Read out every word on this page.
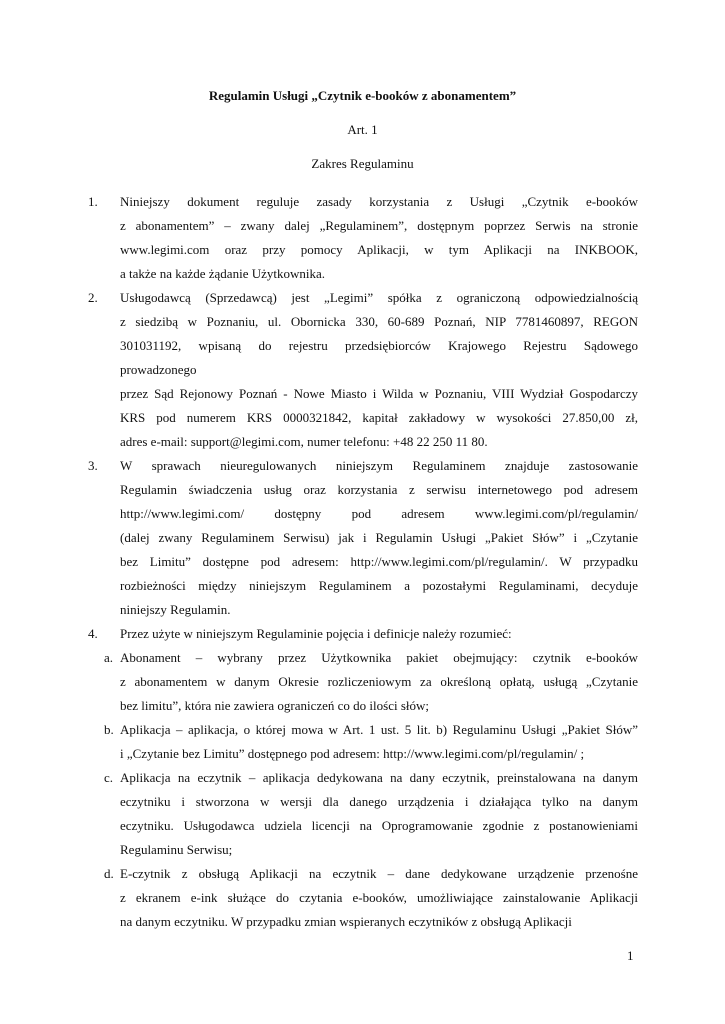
Regulamin Usługi „Czytnik e-booków z abonamentem”
Art. 1
Zakres Regulaminu
1.	Niniejszy dokument reguluje zasady korzystania z Usługi „Czytnik e-booków
z abonamentem” – zwany dalej „Regulaminem”, dostępnym poprzez Serwis na stronie
www.legimi.com oraz przy pomocy Aplikacji, w tym Aplikacji na INKBOOK,
a także na każde żądanie Użytkownika.
2.	Usługodawcą (Sprzedawcą) jest „Legimi” spółka z ograniczoną odpowiedzialnością
z siedzibą w Poznaniu, ul. Obornicka 330, 60-689 Poznań, NIP 7781460897, REGON
301031192, wpisaną do rejestru przedsiębiorców Krajowego Rejestru Sądowego
prowadzonego
przez Sąd Rejonowy Poznań - Nowe Miasto i Wilda w Poznaniu, VIII Wydział Gospodarczy
KRS pod numerem KRS 0000321842, kapitał zakładowy w wysokości 27.850,00 zł,
adres e-mail: support@legimi.com, numer telefonu: +48 22 250 11 80.
3.	W sprawach nieuregulowanych niniejszym Regulaminem znajduje zastosowanie
Regulamin świadczenia usług oraz korzystania z serwisu internetowego pod adresem
http://www.legimi.com/ dostępny pod adresem www.legimi.com/pl/regulamin/
(dalej zwany Regulaminem Serwisu) jak i Regulamin Usługi „Pakiet Słów” i „Czytanie
bez Limitu” dostępne pod adresem: http://www.legimi.com/pl/regulamin/. W przypadku
rozbieżności między niniejszym Regulaminem a pozostałymi Regulaminami, decyduje
niniejszy Regulamin.
4.	Przez użyte w niniejszym Regulaminie pojęcia i definicje należy rozumieć:
a. Abonament – wybrany przez Użytkownika pakiet obejmujący: czytnik e-booków
z abonamentem w danym Okresie rozliczeniowym za określoną opłatą, usługą „Czytanie
bez limitu”, która nie zawiera ograniczeń co do ilości słów;
b. Aplikacja – aplikacja, o której mowa w Art. 1 ust. 5 lit. b) Regulaminu Usługi „Pakiet Słów”
i „Czytanie bez Limitu” dostępnego pod adresem: http://www.legimi.com/pl/regulamin/ ;
c. Aplikacja na eczytnik – aplikacja dedykowana na dany eczytnik, preinstalowana na danym
eczytniku i stworzona w wersji dla danego urządzenia i działająca tylko na danym
eczytniku. Usługodawca udziela licencji na Oprogramowanie zgodnie z postanowieniami
Regulaminu Serwisu;
d. E-czytnik z obsługą Aplikacji na eczytnik – dane dedykowane urządzenie przenośne
z ekranem e-ink służące do czytania e-booków, umożliwiające zainstalowanie Aplikacji
na danym eczytniku. W przypadku zmian wspieranych eczytników z obsługą Aplikacji
1
